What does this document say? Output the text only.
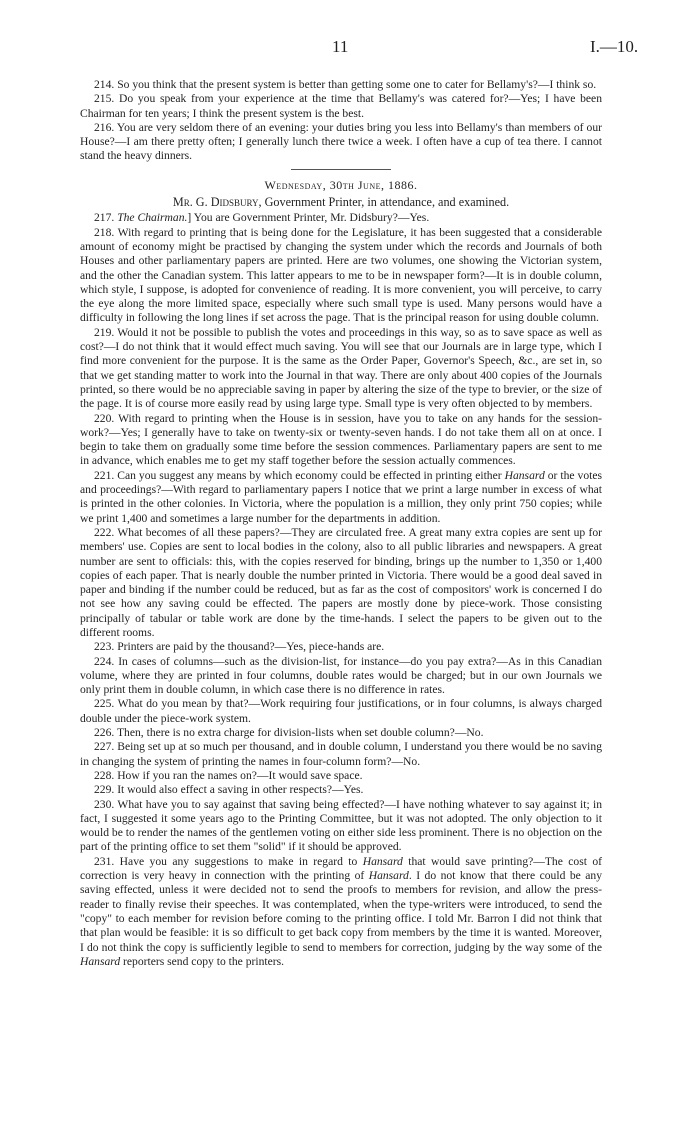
11	I.—10.

214. So you think that the present system is better than getting some one to cater for Bellamy's?—I think so.

215. Do you speak from your experience at the time that Bellamy's was catered for?—Yes; I have been Chairman for ten years; I think the present system is the best.

216. You are very seldom there of an evening: your duties bring you less into Bellamy's than members of our House?—I am there pretty often; I generally lunch there twice a week. I often have a cup of tea there. I cannot stand the heavy dinners.

Wednesday, 30th June, 1886.
Mr. G. Didsbury, Government Printer, in attendance, and examined.

217. The Chairman.] You are Government Printer, Mr. Didsbury?—Yes.

218. With regard to printing that is being done for the Legislature, it has been suggested that a considerable amount of economy might be practised by changing the system under which the records and Journals of both Houses and other parliamentary papers are printed. Here are two volumes, one showing the Victorian system, and the other the Canadian system. This latter appears to me to be in newspaper form?—It is in double column, which style, I suppose, is adopted for convenience of reading. It is more convenient, you will perceive, to carry the eye along the more limited space, especially where such small type is used. Many persons would have a difficulty in following the long lines if set across the page. That is the principal reason for using double column.

219. Would it not be possible to publish the votes and proceedings in this way, so as to save space as well as cost?—I do not think that it would effect much saving. You will see that our Journals are in large type, which I find more convenient for the purpose. It is the same as the Order Paper, Governor's Speech, &c., are set in, so that we get standing matter to work into the Journal in that way. There are only about 400 copies of the Journals printed, so there would be no appreciable saving in paper by altering the size of the type to brevier, or the size of the page. It is of course more easily read by using large type. Small type is very often objected to by members.

220. With regard to printing when the House is in session, have you to take on any hands for the session-work?—Yes; I generally have to take on twenty-six or twenty-seven hands. I do not take them all on at once. I begin to take them on gradually some time before the session commences. Parliamentary papers are sent to me in advance, which enables me to get my staff together before the session actually commences.

221. Can you suggest any means by which economy could be effected in printing either Hansard or the votes and proceedings?—With regard to parliamentary papers I notice that we print a large number in excess of what is printed in the other colonies. In Victoria, where the population is a million, they only print 750 copies; while we print 1,400 and sometimes a large number for the departments in addition.

222. What becomes of all these papers?—They are circulated free. A great many extra copies are sent up for members' use. Copies are sent to local bodies in the colony, also to all public libraries and newspapers. A great number are sent to officials: this, with the copies reserved for binding, brings up the number to 1,350 or 1,400 copies of each paper. That is nearly double the number printed in Victoria. There would be a good deal saved in paper and binding if the number could be reduced, but as far as the cost of compositors' work is concerned I do not see how any saving could be effected. The papers are mostly done by piece-work. Those consisting principally of tabular or table work are done by the time-hands. I select the papers to be given out to the different rooms.

223. Printers are paid by the thousand?—Yes, piece-hands are.

224. In cases of columns—such as the division-list, for instance—do you pay extra?—As in this Canadian volume, where they are printed in four columns, double rates would be charged; but in our own Journals we only print them in double column, in which case there is no difference in rates.

225. What do you mean by that?—Work requiring four justifications, or in four columns, is always charged double under the piece-work system.

226. Then, there is no extra charge for division-lists when set double column?—No.

227. Being set up at so much per thousand, and in double column, I understand you there would be no saving in changing the system of printing the names in four-column form?—No.

228. How if you ran the names on?—It would save space.

229. It would also effect a saving in other respects?—Yes.

230. What have you to say against that saving being effected?—I have nothing whatever to say against it; in fact, I suggested it some years ago to the Printing Committee, but it was not adopted. The only objection to it would be to render the names of the gentlemen voting on either side less prominent. There is no objection on the part of the printing office to set them "solid" if it should be approved.

231. Have you any suggestions to make in regard to Hansard that would save printing?—The cost of correction is very heavy in connection with the printing of Hansard. I do not know that there could be any saving effected, unless it were decided not to send the proofs to members for revision, and allow the press-reader to finally revise their speeches. It was contemplated, when the type-writers were introduced, to send the "copy" to each member for revision before coming to the printing office. I told Mr. Barron I did not think that that plan would be feasible: it is so difficult to get back copy from members by the time it is wanted. Moreover, I do not think the copy is sufficiently legible to send to members for correction, judging by the way some of the Hansard reporters send copy to the printers.
